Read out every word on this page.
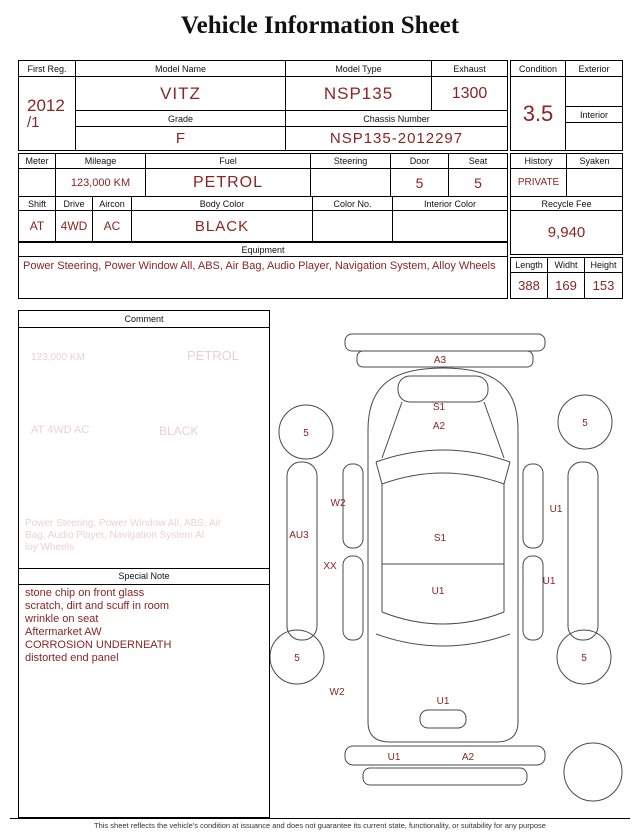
Vehicle Information Sheet
First Reg.	Model Name	Model Type	Exhaust

2012
/1	VITZ	NSP135	1300
	Grade	Chassis Number	
	F	NSP135-2012297	
Condition	Exterior
3.5	
	Interior

Meter	Mileage	Fuel	Steering	Door	Seat
	123,000 KM	PETROL		5	5
Shift	Drive	Aircon	Body Color	Color No.	Interior Color
AT	4WD	AC	BLACK		
Equipment
Power Steering, Power Window All, ABS, Air Bag, Audio Player, Navigation System, Alloy Wheels
History	Syaken
PRIVATE	
Recycle Fee
9,940
Length	Widht	Height
388	169	153
Comment
123,000 KM	PETROL
AT 4WD AC	BLACK
Power Steering, Power Window All, ABS, Air
Bag, Audio Player, Navigation System Al
loy Wheels
Special Note
stone chip on front glass
scratch, dirt and scuff in room
wrinkle on seat
Aftermarket AW
CORROSION UNDERNEATH
distorted end panel
A3
S1
A2
5
5
W2
U1
AU3	S1
XX
U1
U1
5	5
W2
U1
U1	A2
This sheet reflects the vehicle's condition at issuance and does not guarantee its current state, functionality, or suitability for any purpose
